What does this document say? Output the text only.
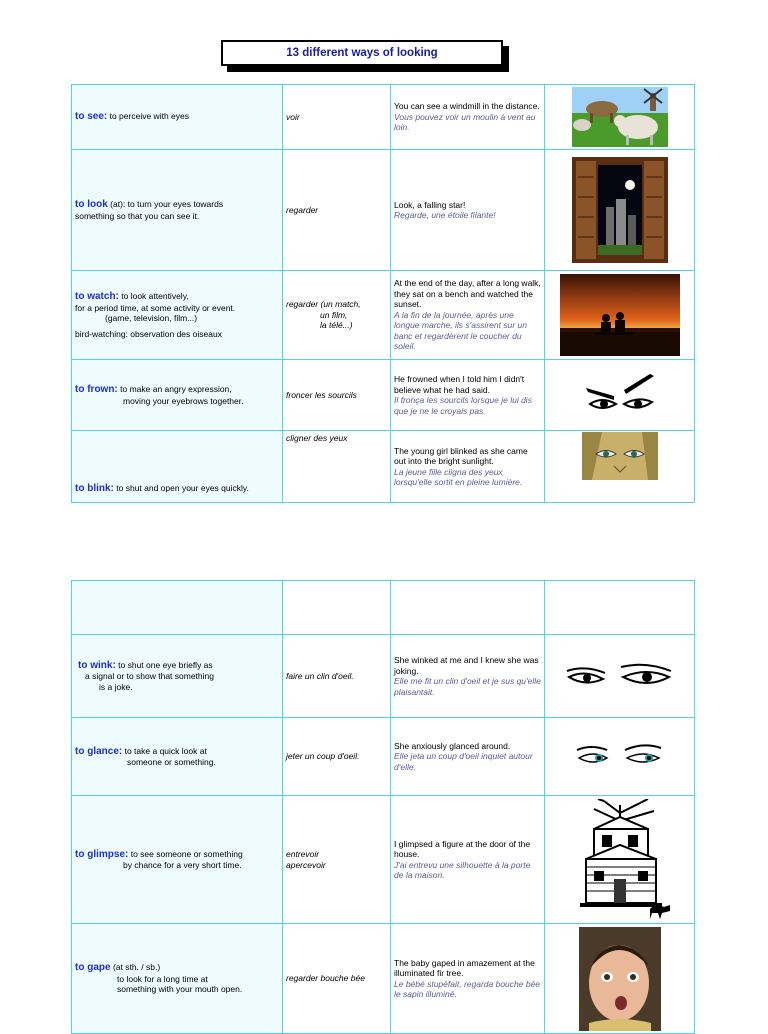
13 different ways of looking
to see: to perceive with eyes	voir	You can see a windmill in the distance.
Vous pouvez voir un moulin à vent au loin.

to look (at): to turn your eyes towards
something so that you can see it.	regarder	Look, a falling star!
Regarde, une étoile filante!

to watch: to look attentively,
for a period time, at some activity or event.

(game, television, film...)
bird-watching: observation des oiseaux	regarder (un match,
un film,
la télé...)	At the end of the day, after a long walk, they sat on a bench and watched the sunset.
A la fin de la journée, après une longue marche, ils s'assirent sur un banc et regardèrent le coucher du soleil.

to frown: to make an angry expression,
moving your eyebrows together.	froncer les sourcils	He frowned when I told him I didn't believe what he had said.
Il fronça les sourcils lorsque je lui dis que je ne le croyais pas.

to blink: to shut and open your eyes quickly.	cligner des yeux	The young girl blinked as she came out into the bright sunlight.
La jeune fille cligna des yeux lorsqu'elle sortit en pleine lumière.

to wink: to shut one eye briefly as
a signal or to show that something
is a joke.	faire un clin d'oeil.	She winked at me and I knew she was joking.
Elle me fit un clin d'oeil et je sus qu'elle plaisantait.

to glance: to take a quick look at
someone or something.	jeter un coup d'oeil.	She anxiously glanced around.
Elle jeta un coup d'oeil inquiet autour d'elle.

to glimpse: to see someone or something
by chance for a very short time.	entrevoir
apercevoir	I glimpsed a figure at the door of the house.
J'ai entrevu une silhouette à la porte de la maison.

to gape (at sth. / sb.)
to look for a long time at
something with your mouth open.	regarder bouche bée	The baby gaped in amazement at the illuminated fir tree.
Le bébé stupéfait, regarda bouche bée le sapin illuminé.
